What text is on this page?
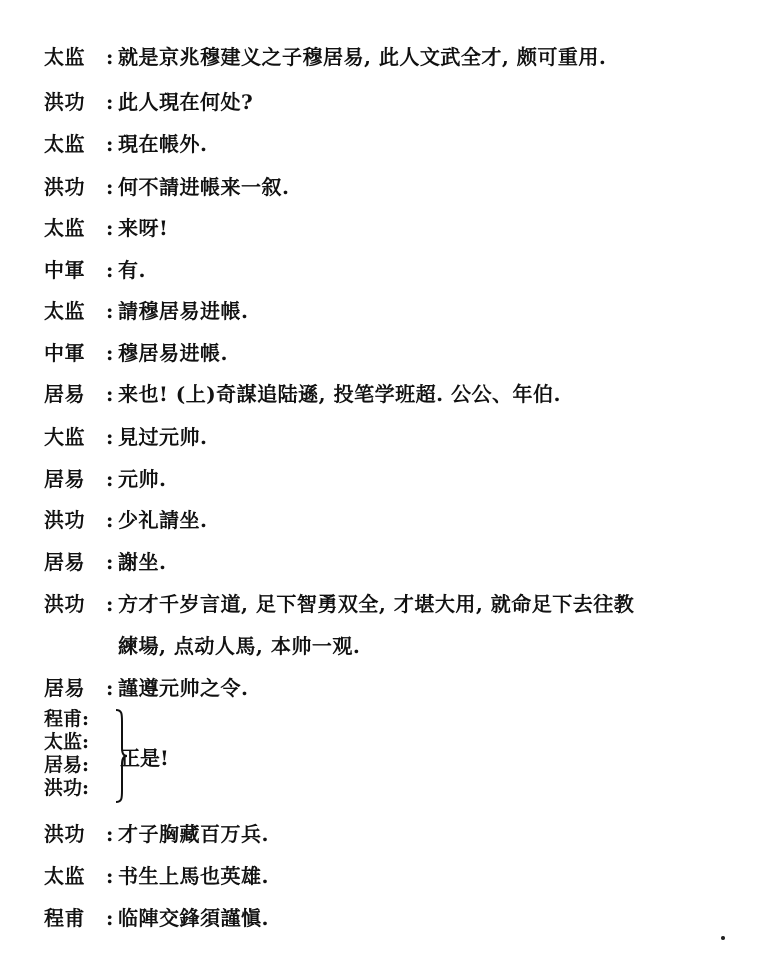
太监 : 就是京兆穆建义之子穆居易, 此人文武全才, 颇可重用.
洪功 : 此人現在何处?
太监 : 現在帳外.
洪功 : 何不請进帳来一叙.
太监 : 来呀!
中軍 : 有.
太监 : 請穆居易进帳.
中軍 : 穆居易进帳.
居易 : 来也! (上)奇謀追陆遜, 投笔学班超. 公公、年伯.
大监 : 見过元帅.
居易 : 元帅.
洪功 : 少礼請坐.
居易 : 謝坐.
洪功 : 方才千岁言道, 足下智勇双全, 才堪大用, 就命足下去往教
練場, 点动人馬, 本帅一观.
居易 : 謹遵元帅之令.
程甫:
太监:
居易:
洪功:
正是!
洪功 : 才子胸藏百万兵.
太监 : 书生上馬也英雄.
程甫 : 临陣交鋒須謹愼.
